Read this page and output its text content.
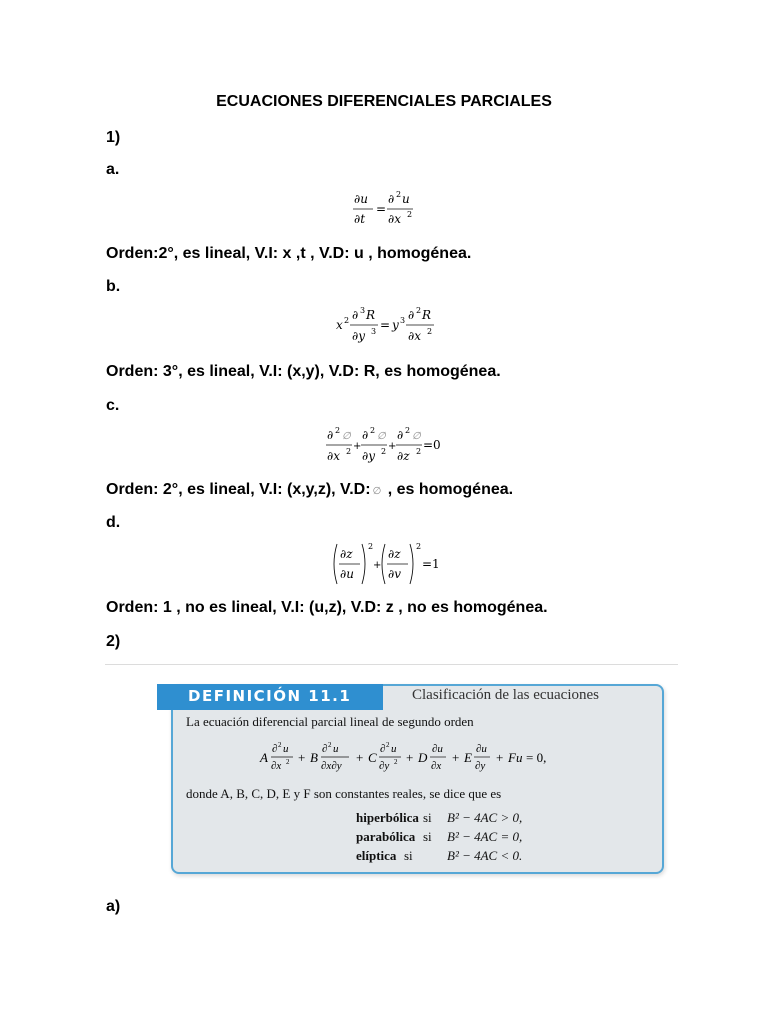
ECUACIONES DIFERENCIALES PARCIALES
1)
a.
∂u
∂t
=
∂ 2 u
∂x 2
Orden:2°, es lineal, V.I: x ,t , V.D: u , homogénea.
b.
x 2 ∂ 3 R
∂y 3 = y 3 ∂ 2 R
∂x 2
Orden: 3°, es lineal, V.I: (x,y), V.D: R, es homogénea.
c.
∂ 2
∅
∂x 2 +
∂ 2
∅
∂y 2 +
∂ 2
∅
∂z 2 =0
Orden: 2°, es lineal, V.I: (x,y,z), V.D: ∅ , es homogénea.
d.
∂z
∂u
2
+
∂z
∂v
2
=1
Orden: 1 , no es lineal, V.I: (u,z), V.D: z , no es homogénea.
2)
DEFINICIÓN 11.1	Clasificación de las ecuaciones
La ecuación diferencial parcial lineal de segundo orden
A
∂ 2 u
∂x 2 + B
∂ 2 u
∂x∂y
+ C
∂ 2 u
∂y 2 + D
∂u
∂x
+ E
∂u
∂y
+ Fu = 0,
donde A, B, C, D, E y F son constantes reales, se dice que es
hiperbólica si B² − 4AC > 0,
parabólica si B² − 4AC = 0,
elíptica si	B² − 4AC < 0.
a)
